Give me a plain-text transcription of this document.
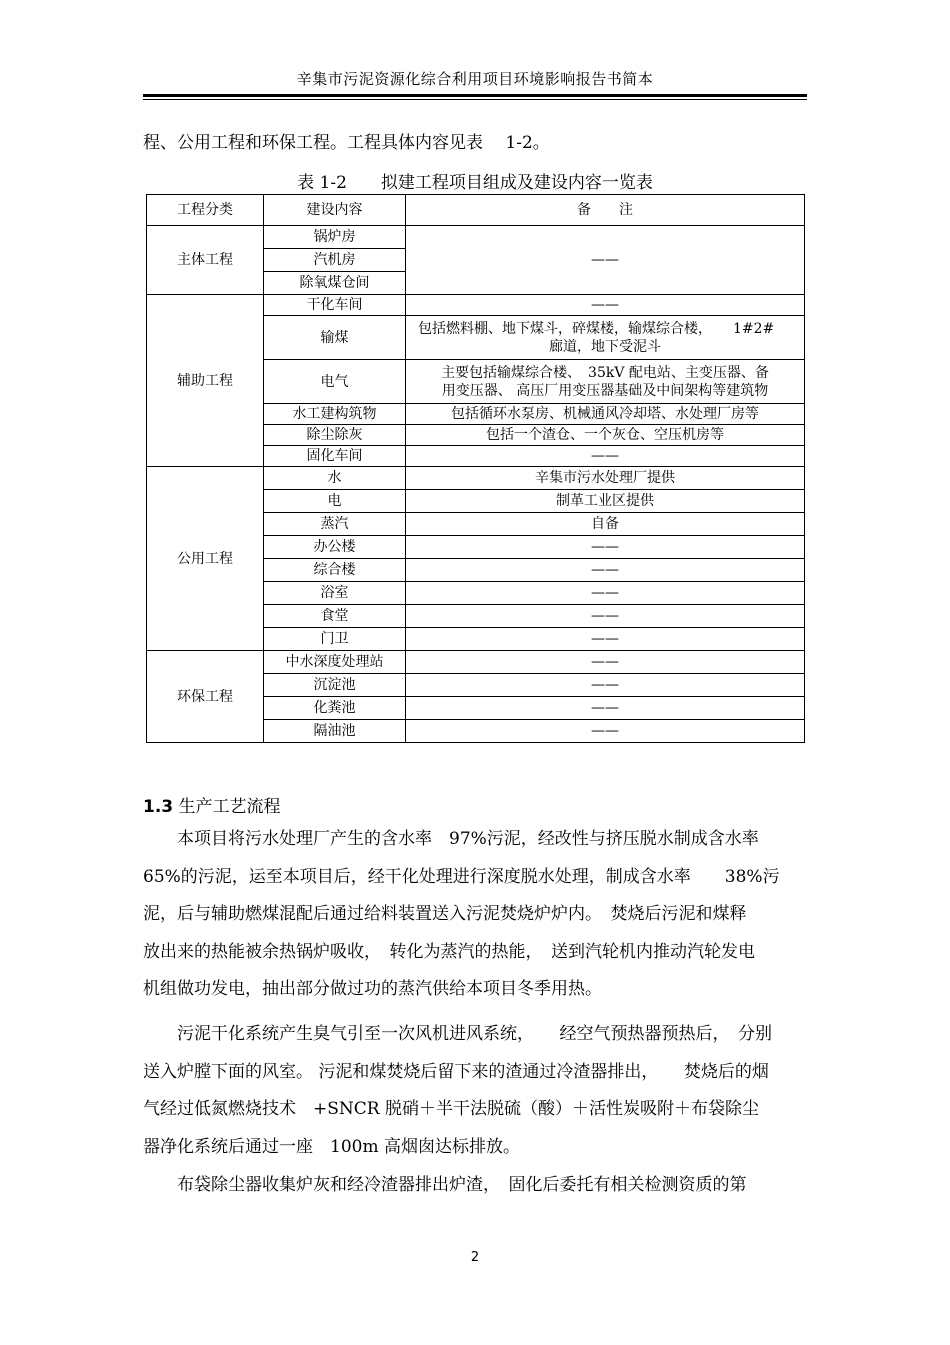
辛集市污泥资源化综合利用项目环境影响报告书简本
程、公用工程和环保工程。工程具体内容见表　 1-2。
表 1-2　　拟建工程项目组成及建设内容一览表
工程分类	建设内容	备　　注
主体工程	锅炉房	——
	汽机房	
	除氧煤仓间	
辅助工程	干化车间	——
	输煤	包括燃料棚、地下煤斗，碎煤楼，输煤综合楼，　　1#2#
廊道，地下受泥斗

	电气	主要包括输煤综合楼、　35kV 配电站、主变压器、备
用变压器、 高压厂用变压器基础及中间架构等建筑物

	水工建构筑物	包括循环水泵房、机械通风冷却塔、水处理厂房等
	除尘除灰	包括一个渣仓、一个灰仓、空压机房等
	固化车间	——
公用工程	水	辛集市污水处理厂提供
	电	制革工业区提供
	蒸汽	自备
	办公楼	——
	综合楼	——
	浴室	——
	食堂	——
	门卫	——
环保工程	中水深度处理站	——
	沉淀池	——
	化粪池	——
	隔油池	——
1.3 生产工艺流程
本项目将污水处理厂产生的含水率　97%污泥，经改性与挤压脱水制成含水率
65%的污泥，运至本项目后，经干化处理进行深度脱水处理，制成含水率　　38%污
泥，后与辅助燃煤混配后通过给料装置送入污泥焚烧炉炉内。　焚烧后污泥和煤释
放出来的热能被余热锅炉吸收，　转化为蒸汽的热能，　送到汽轮机内推动汽轮发电
机组做功发电，抽出部分做过功的蒸汽供给本项目冬季用热。
污泥干化系统产生臭气引至一次风机进风系统，　　经空气预热器预热后，　分别
送入炉膛下面的风室。 污泥和煤焚烧后留下来的渣通过冷渣器排出，　　焚烧后的烟
气经过低氮燃烧技术　+SNCR 脱硝＋半干法脱硫（酸）＋活性炭吸附＋布袋除尘
器净化系统后通过一座　100m 高烟囱达标排放。
布袋除尘器收集炉灰和经冷渣器排出炉渣，　固化后委托有相关检测资质的第
2
